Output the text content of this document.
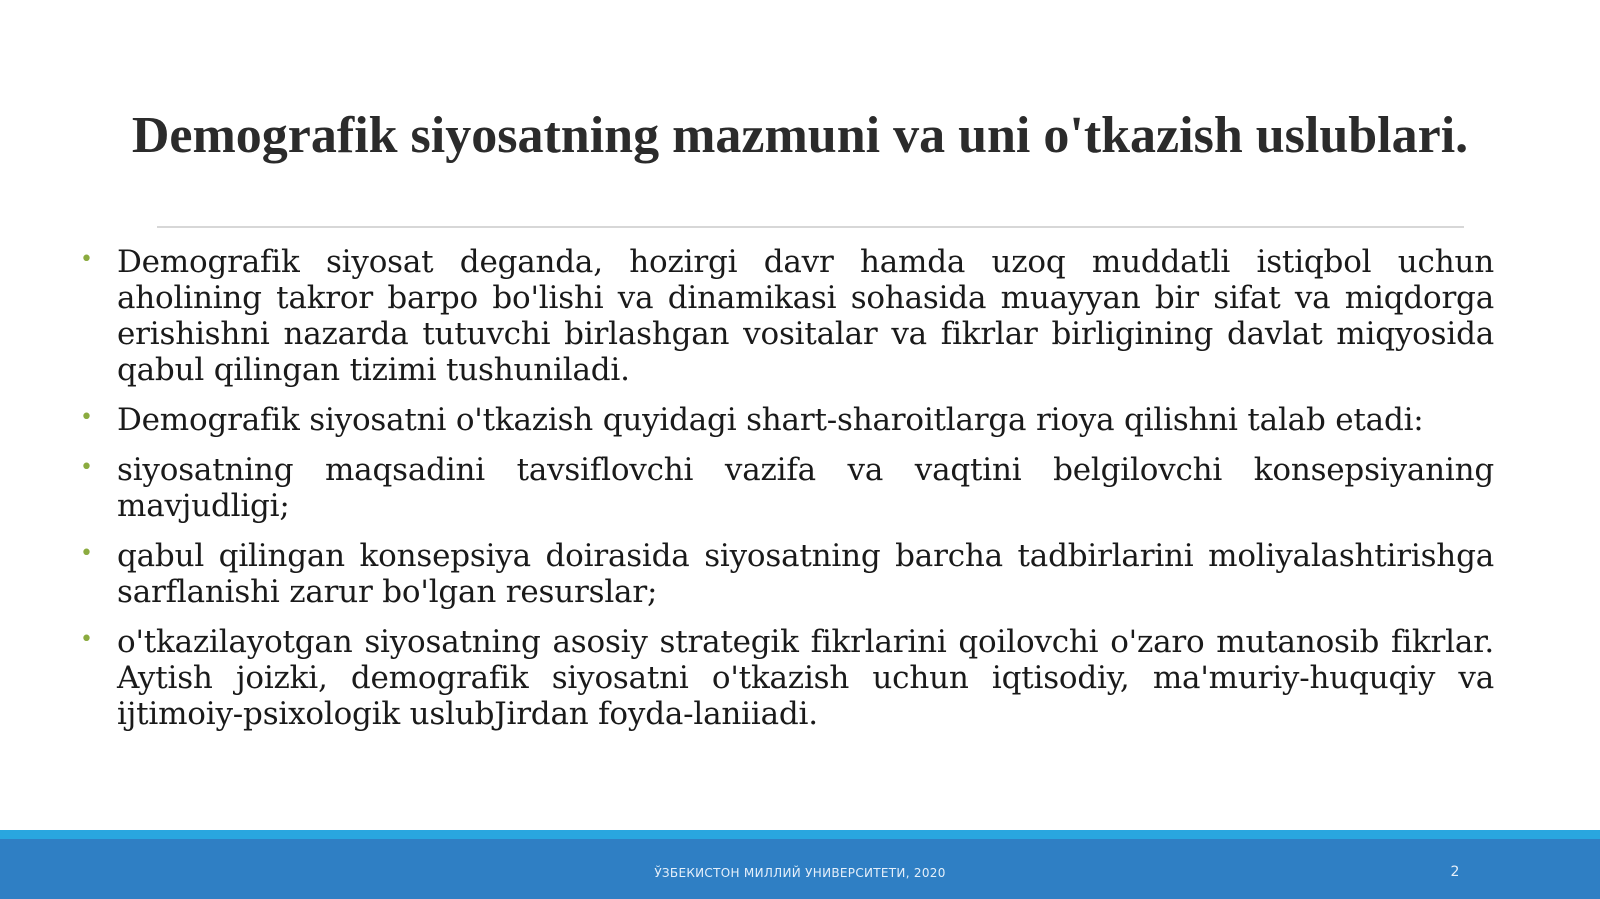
Demografik siyosatning mazmuni va uni o'tkazish uslublari.
• Demografik siyosat deganda, hozirgi davr hamda uzoq muddatli istiqbol uchun aholining takror barpo bo'lishi va dinamikasi sohasida muayyan bir sifat va miqdorga erishishni nazarda tutuvchi birlashgan vositalar va fikrlar birligining davlat miqyosida qabul qilingan tizimi tushuniladi.
• Demografik siyosatni o'tkazish quyidagi shart-sharoitlarga rioya qilishni talab etadi:
• siyosatning maqsadini tavsiflovchi vazifa va vaqtini belgilovchi konsepsiyaning mavjudligi;
• qabul qilingan konsepsiya doirasida siyosatning barcha tadbirlarini moliyalashtirishga sarflanishi zarur bo'lgan resurslar;
• o'tkazilayotgan siyosatning asosiy strategik fikrlarini qoilovchi o'zaro mutanosib fikrlar. Aytish joizki, demografik siyosatni o'tkazish uchun iqtisodiy, ma'muriy-huquqiy va ijtimoiy-psixologik uslubJirdan foyda-laniiadi.
ЎЗБЕКИСТОН МИЛЛИЙ УНИВЕРСИТЕТИ, 2020	2
